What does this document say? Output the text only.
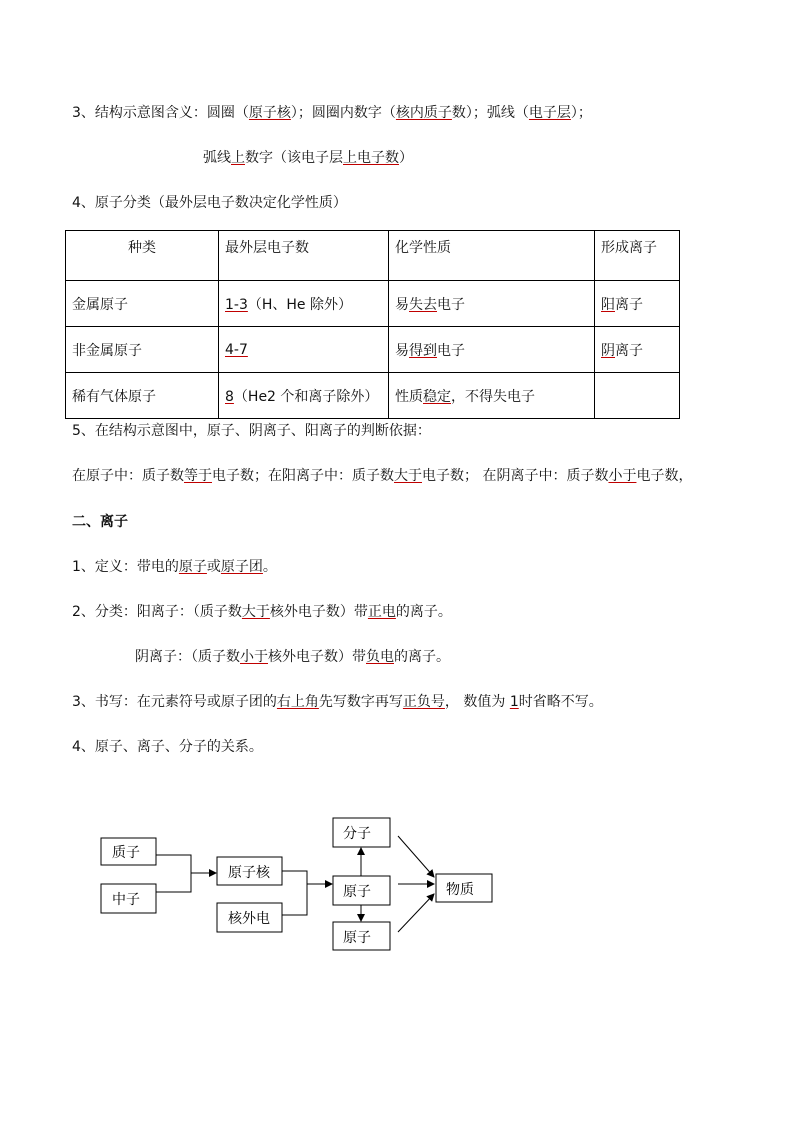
3、结构示意图含义：圆圈（原子核）；圆圈内数字（核内质子数）；弧线（电子层）；
弧线上数字（该电子层上电子数）
4、原子分类（最外层电子数决定化学性质）
种类	最外层电子数	化学性质	形成离子
金属原子	1-3（H、He 除外）	易失去电子	阳离子
非金属原子	4-7	易得到电子	阴离子
稀有气体原子	8（He2 个和离子除外）	性质稳定，不得失电子	
5、在结构示意图中，原子、阴离子、阳离子的判断依据：
在原子中：质子数等于电子数；在阳离子中：质子数大于电子数； 在阴离子中：质子数小于电子数，
二、离子
1、定义：带电的原子或原子团。
2、分类：阳离子：（质子数大于核外电子数）带正电的离子。
阴离子：（质子数小于核外电子数）带负电的离子。
3、书写：在元素符号或原子团的右上角先写数字再写正负号， 数值为 1时省略不写。
4、原子、离子、分子的关系。
质子
中子
原子核
核外电
分子
原子
原子
物质
